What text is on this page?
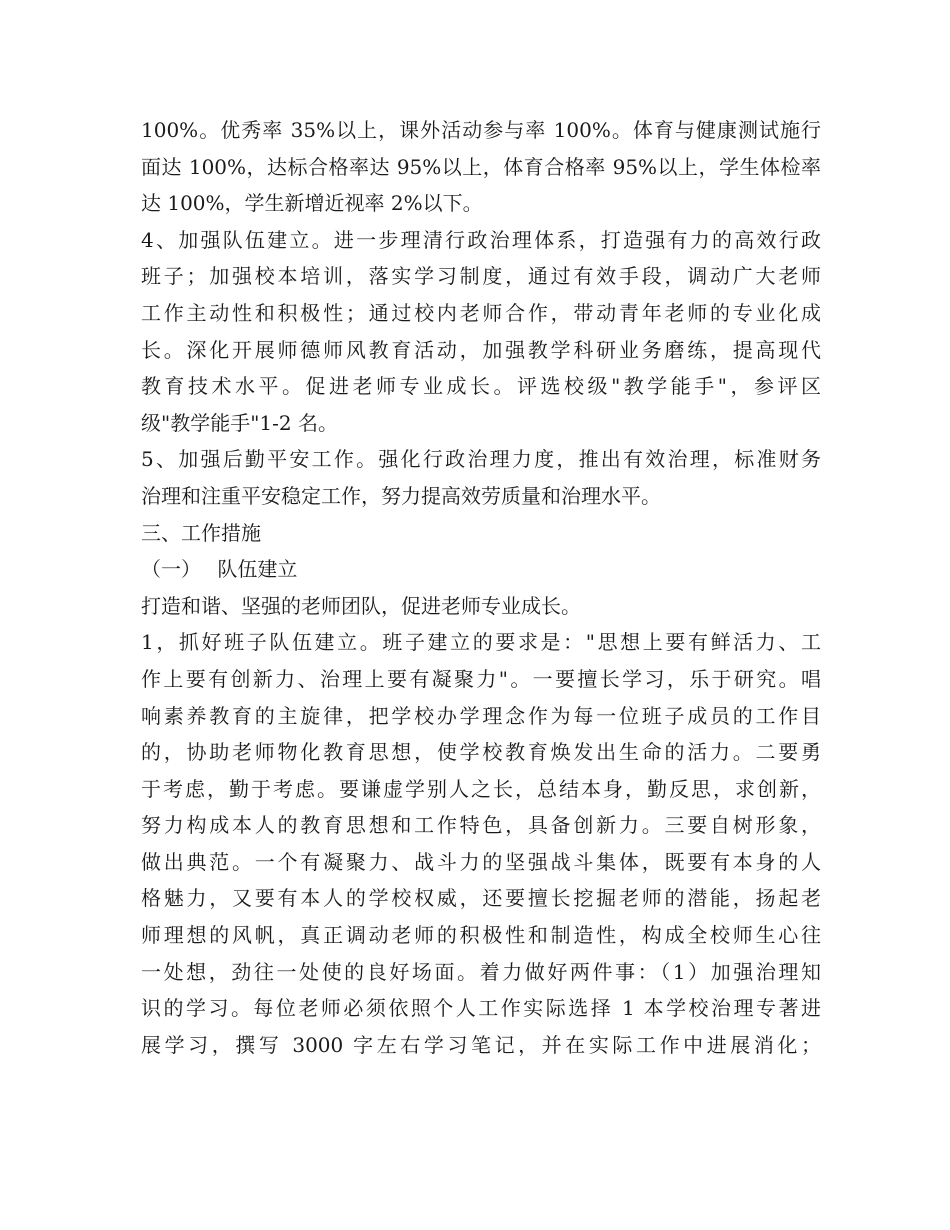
100%。优秀率 35%以上，课外活动参与率 100%。体育与健康测试施行
面达 100%，达标合格率达 95%以上，体育合格率 95%以上，学生体检率
达 100%，学生新增近视率 2%以下。
4、加强队伍建立。进一步理清行政治理体系，打造强有力的高效行政
班子；加强校本培训，落实学习制度，通过有效手段，调动广大老师
工作主动性和积极性；通过校内老师合作，带动青年老师的专业化成
长。深化开展师德师风教育活动，加强教学科研业务磨练，提高现代
教育技术水平。促进老师专业成长。评选校级"教学能手"，参评区
级"教学能手"1-2 名。
5、加强后勤平安工作。强化行政治理力度，推出有效治理，标准财务
治理和注重平安稳定工作，努力提高效劳质量和治理水平。
三、工作措施
（一）　 队伍建立
打造和谐、坚强的老师团队，促进老师专业成长。
1，抓好班子队伍建立。班子建立的要求是："思想上要有鲜活力、工
作上要有创新力、治理上要有凝聚力"。一要擅长学习，乐于研究。唱
响素养教育的主旋律，把学校办学理念作为每一位班子成员的工作目
的，协助老师物化教育思想，使学校教育焕发出生命的活力。二要勇
于考虑，勤于考虑。要谦虚学别人之长，总结本身，勤反思，求创新，
努力构成本人的教育思想和工作特色，具备创新力。三要自树形象，
做出典范。一个有凝聚力、战斗力的坚强战斗集体，既要有本身的人
格魅力，又要有本人的学校权威，还要擅长挖掘老师的潜能，扬起老
师理想的风帆，真正调动老师的积极性和制造性，构成全校师生心往
一处想，劲往一处使的良好场面。着力做好两件事：（1）加强治理知
识的学习。每位老师必须依照个人工作实际选择 1 本学校治理专著进
展学习，撰写 3000 字左右学习笔记，并在实际工作中进展消化；
